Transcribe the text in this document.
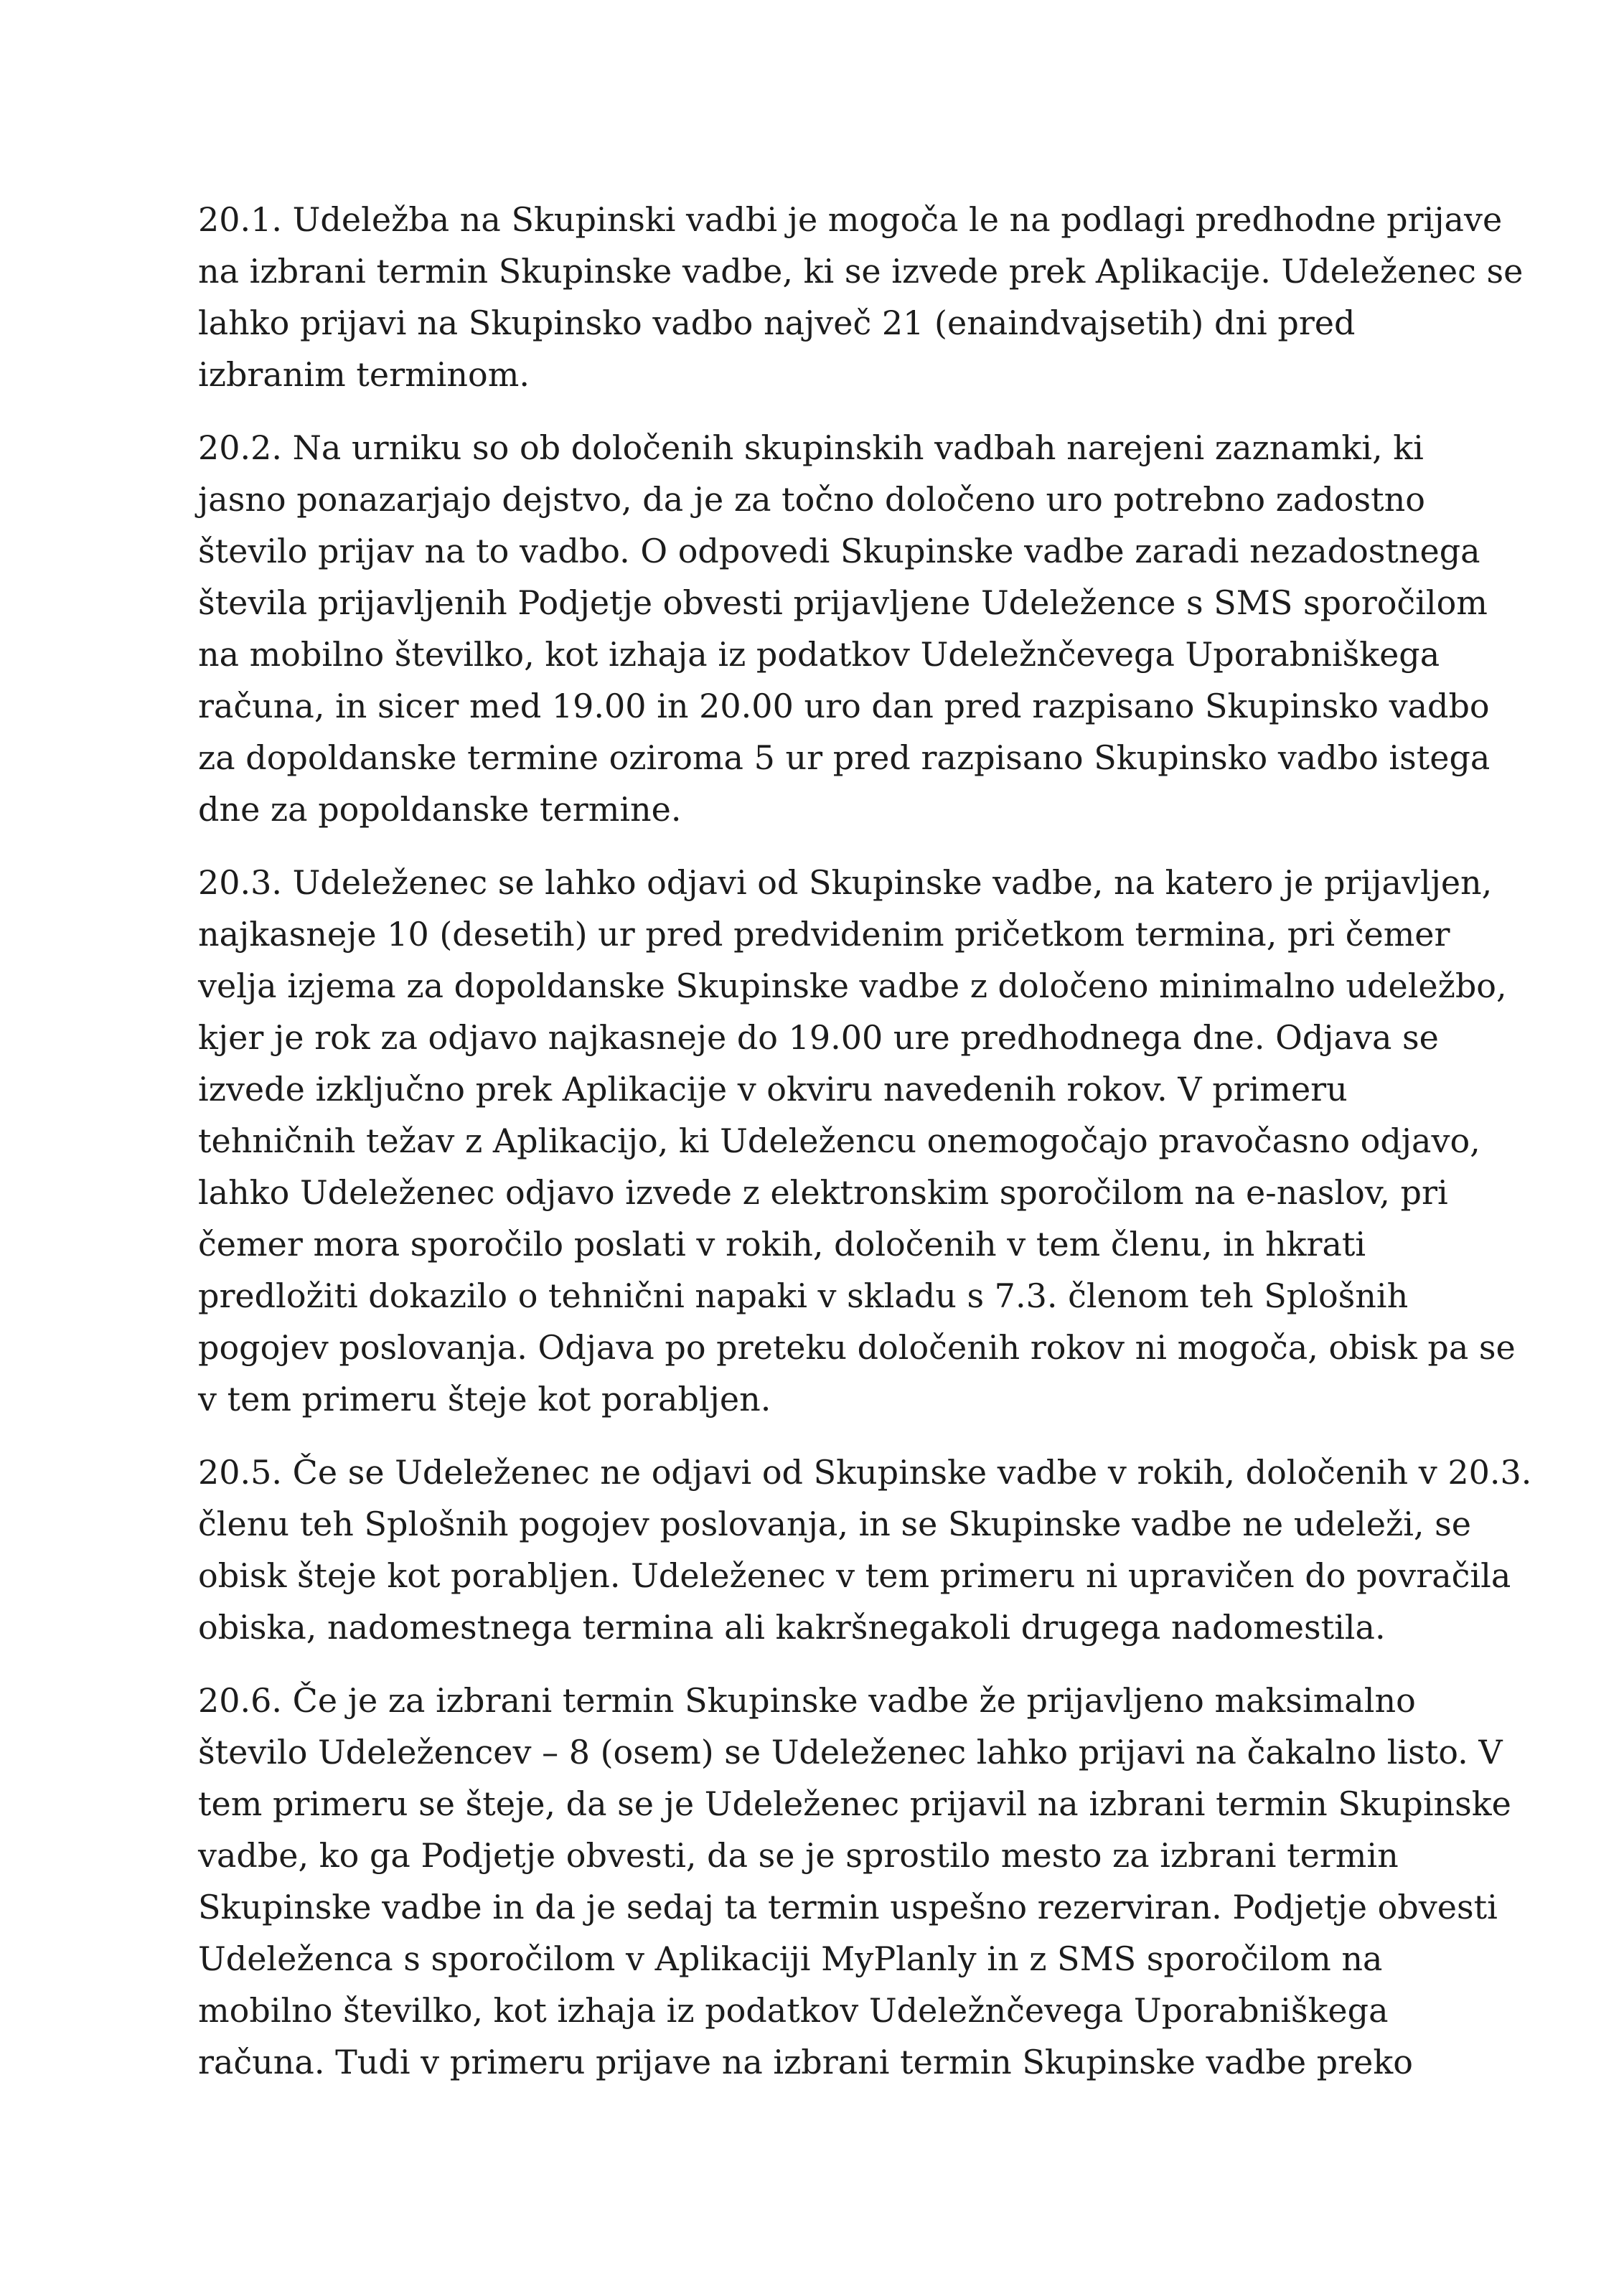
20.1. Udeležba na Skupinski vadbi je mogoča le na podlagi predhodne prijave
na izbrani termin Skupinske vadbe, ki se izvede prek Aplikacije. Udeleženec se
lahko prijavi na Skupinsko vadbo največ 21 (enaindvajsetih) dni pred
izbranim terminom.

20.2. Na urniku so ob določenih skupinskih vadbah narejeni zaznamki, ki
jasno ponazarjajo dejstvo, da je za točno določeno uro potrebno zadostno
število prijav na to vadbo. O odpovedi Skupinske vadbe zaradi nezadostnega
števila prijavljenih Podjetje obvesti prijavljene Udeležence s SMS sporočilom
na mobilno številko, kot izhaja iz podatkov Udeležnčevega Uporabniškega
računa, in sicer med 19.00 in 20.00 uro dan pred razpisano Skupinsko vadbo
za dopoldanske termine oziroma 5 ur pred razpisano Skupinsko vadbo istega
dne za popoldanske termine.

20.3. Udeleženec se lahko odjavi od Skupinske vadbe, na katero je prijavljen,
najkasneje 10 (desetih) ur pred predvidenim pričetkom termina, pri čemer
velja izjema za dopoldanske Skupinske vadbe z določeno minimalno udeležbo,
kjer je rok za odjavo najkasneje do 19.00 ure predhodnega dne. Odjava se
izvede izključno prek Aplikacije v okviru navedenih rokov. V primeru
tehničnih težav z Aplikacijo, ki Udeležencu onemogočajo pravočasno odjavo,
lahko Udeleženec odjavo izvede z elektronskim sporočilom na e-naslov, pri
čemer mora sporočilo poslati v rokih, določenih v tem členu, in hkrati
predložiti dokazilo o tehnični napaki v skladu s 7.3. členom teh Splošnih
pogojev poslovanja. Odjava po preteku določenih rokov ni mogoča, obisk pa se
v tem primeru šteje kot porabljen.

20.5. Če se Udeleženec ne odjavi od Skupinske vadbe v rokih, določenih v 20.3.
členu teh Splošnih pogojev poslovanja, in se Skupinske vadbe ne udeleži, se
obisk šteje kot porabljen. Udeleženec v tem primeru ni upravičen do povračila
obiska, nadomestnega termina ali kakršnegakoli drugega nadomestila.

20.6. Če je za izbrani termin Skupinske vadbe že prijavljeno maksimalno
število Udeležencev – 8 (osem) se Udeleženec lahko prijavi na čakalno listo. V
tem primeru se šteje, da se je Udeleženec prijavil na izbrani termin Skupinske
vadbe, ko ga Podjetje obvesti, da se je sprostilo mesto za izbrani termin
Skupinske vadbe in da je sedaj ta termin uspešno rezerviran. Podjetje obvesti
Udeleženca s sporočilom v Aplikaciji MyPlanly in z SMS sporočilom na
mobilno številko, kot izhaja iz podatkov Udeležnčevega Uporabniškega
računa. Tudi v primeru prijave na izbrani termin Skupinske vadbe preko
